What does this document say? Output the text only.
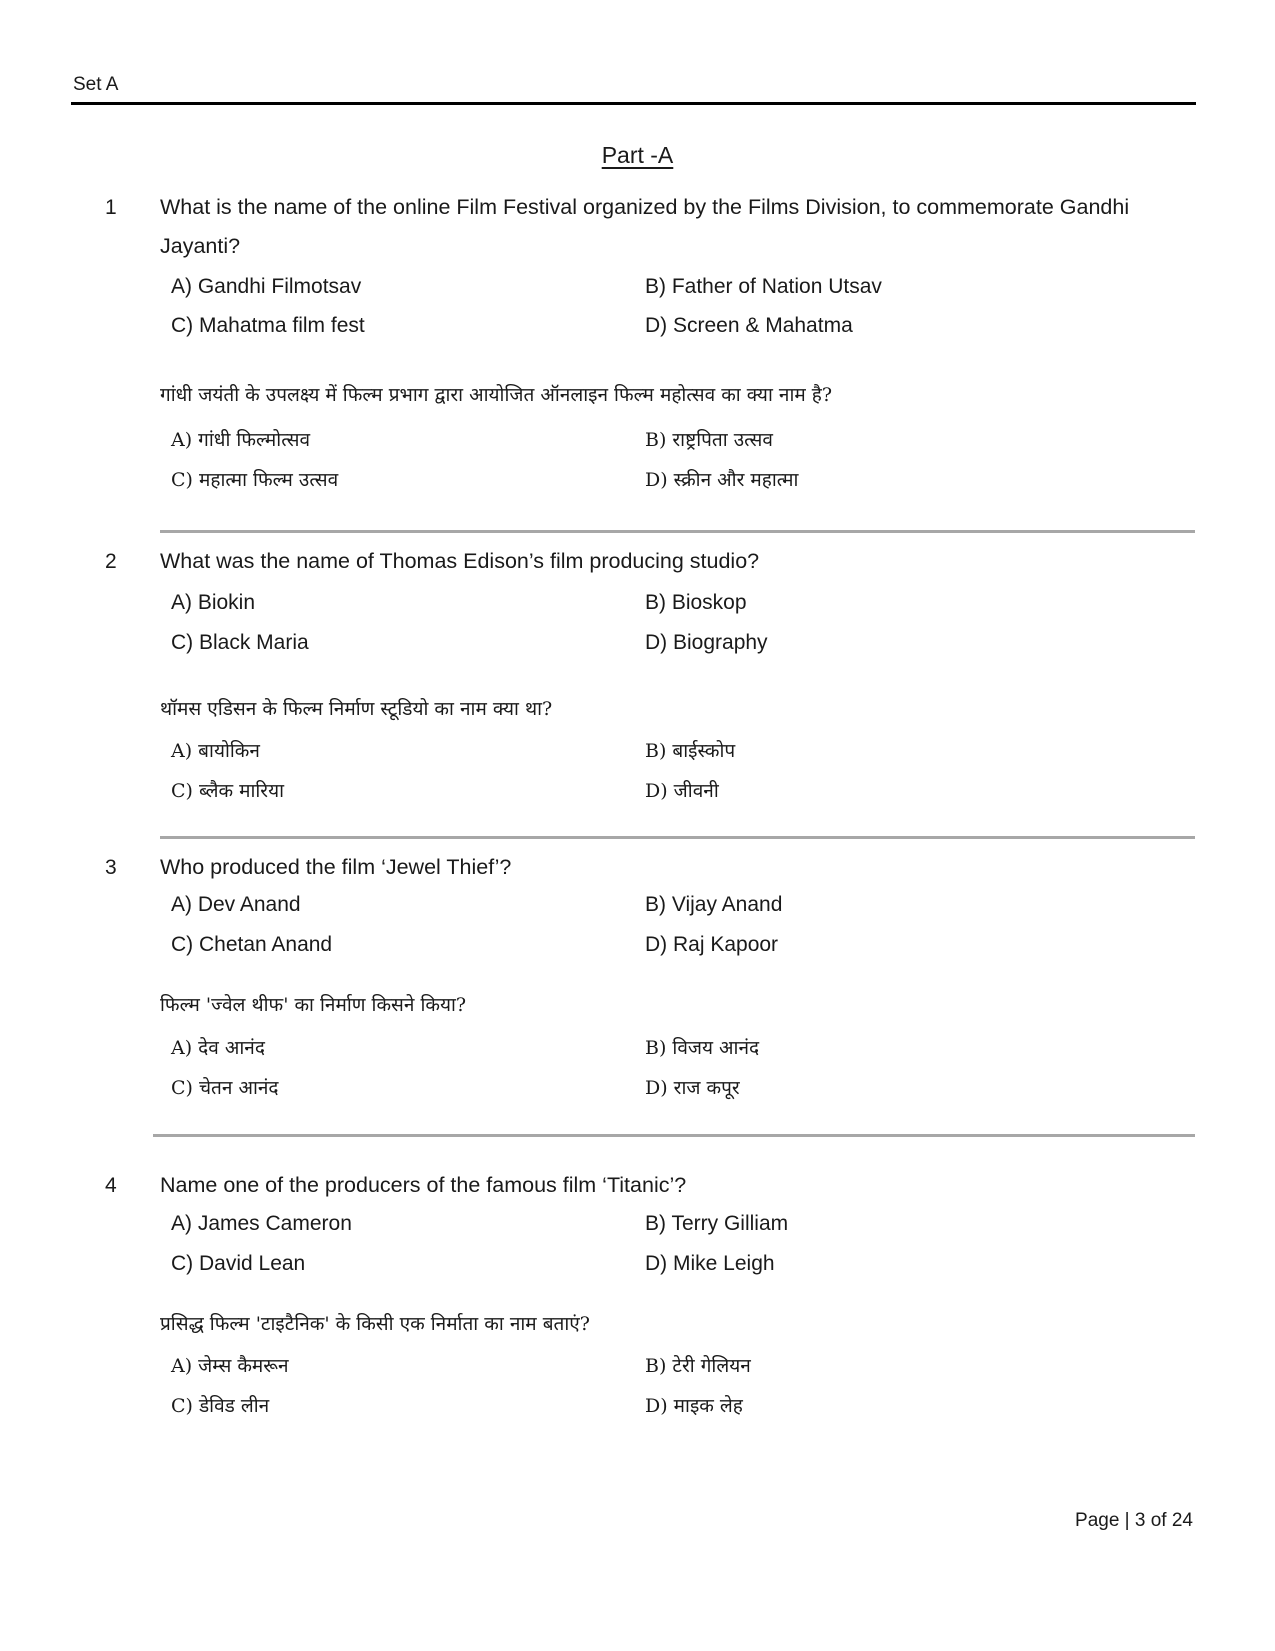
Set A
Part -A
1 What is the name of the online Film Festival organized by the Films Division, to commemorate Gandhi Jayanti?
A) Gandhi Filmotsav	B) Father of Nation Utsav
C) Mahatma film fest	D) Screen & Mahatma
गांधी जयंती के उपलक्ष्य में फिल्म प्रभाग द्वारा आयोजित ऑनलाइन फिल्म महोत्सव का क्या नाम है?
A) गांधी फिल्मोत्सव	B) राष्ट्रपिता उत्सव
C) महात्मा फिल्म उत्सव	D) स्क्रीन और महात्मा
2 What was the name of Thomas Edison’s film producing studio?
A) Biokin	B) Bioskop
C) Black Maria	D) Biography
थॉमस एडिसन के फिल्म निर्माण स्टूडियो का नाम क्या था?
A) बायोकिन	B) बाईस्कोप
C) ब्लैक मारिया	D) जीवनी
3 Who produced the film ‘Jewel Thief’?
A) Dev Anand	B) Vijay Anand
C) Chetan Anand	D) Raj Kapoor
फिल्म 'ज्वेल थीफ' का निर्माण किसने किया?
A) देव आनंद	B) विजय आनंद
C) चेतन आनंद	D) राज कपूर
4 Name one of the producers of the famous film ‘Titanic’?
A) James Cameron	B) Terry Gilliam
C) David Lean	D) Mike Leigh
प्रसिद्ध फिल्म 'टाइटैनिक' के किसी एक निर्माता का नाम बताएं?
A) जेम्स कैमरून	B) टेरी गेलियन
C) डेविड लीन	D) माइक लेह
Page | 3 of 24
